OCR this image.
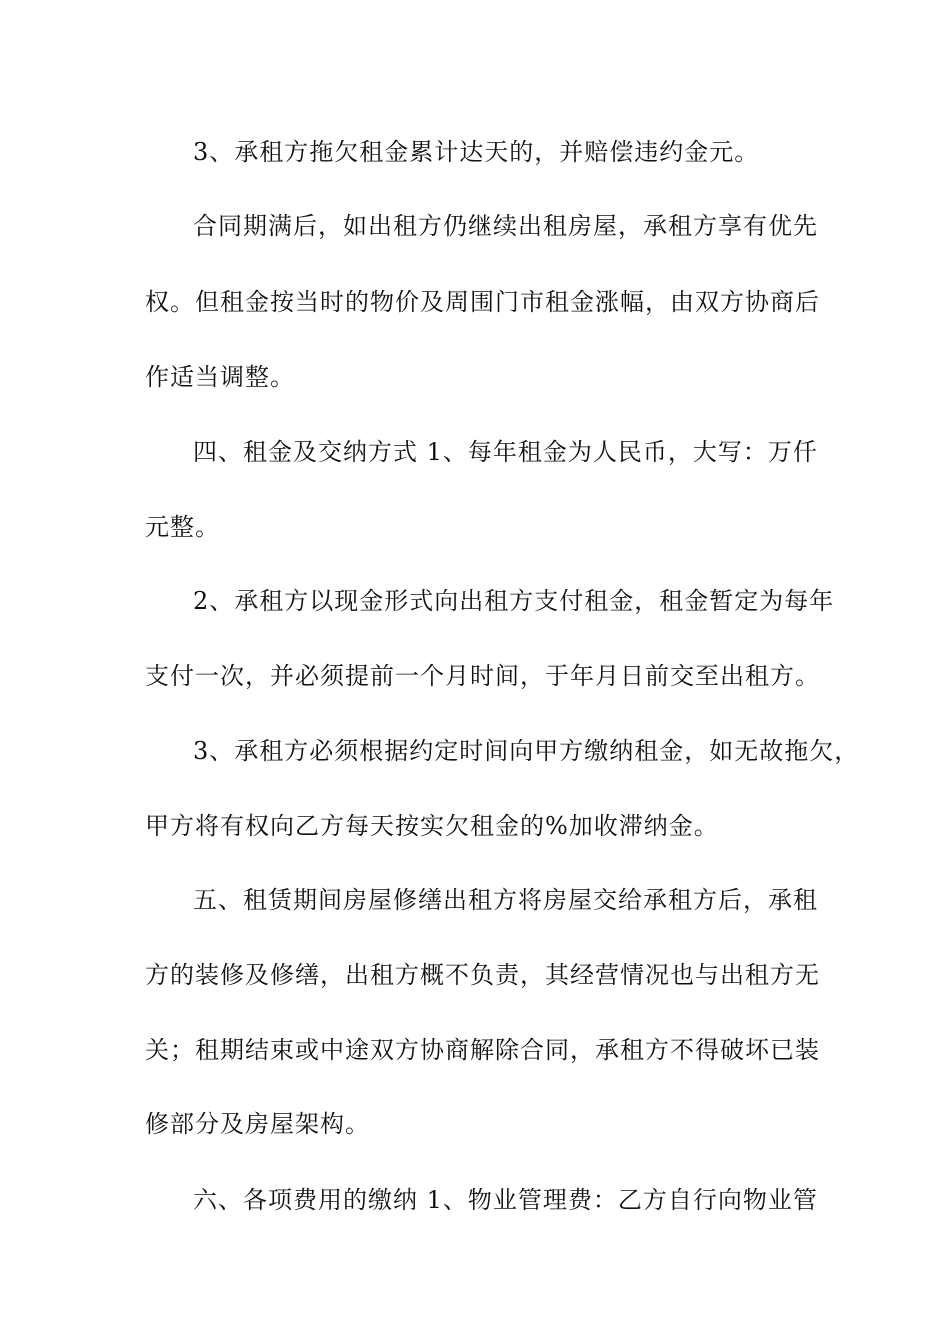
3、承租方拖欠租金累计达天的，并赔偿违约金元。
合同期满后，如出租方仍继续出租房屋，承租方享有优先
权。但租金按当时的物价及周围门市租金涨幅，由双方协商后
作适当调整。
四、租金及交纳方式 1、每年租金为人民币，大写：万仟
元整。
2、承租方以现金形式向出租方支付租金，租金暂定为每年
支付一次，并必须提前一个月时间，于年月日前交至出租方。
3、承租方必须根据约定时间向甲方缴纳租金，如无故拖欠，
甲方将有权向乙方每天按实欠租金的%加收滞纳金。
五、租赁期间房屋修缮出租方将房屋交给承租方后，承租
方的装修及修缮，出租方概不负责，其经营情况也与出租方无
关；租期结束或中途双方协商解除合同，承租方不得破坏已装
修部分及房屋架构。
六、各项费用的缴纳 1、物业管理费：乙方自行向物业管
